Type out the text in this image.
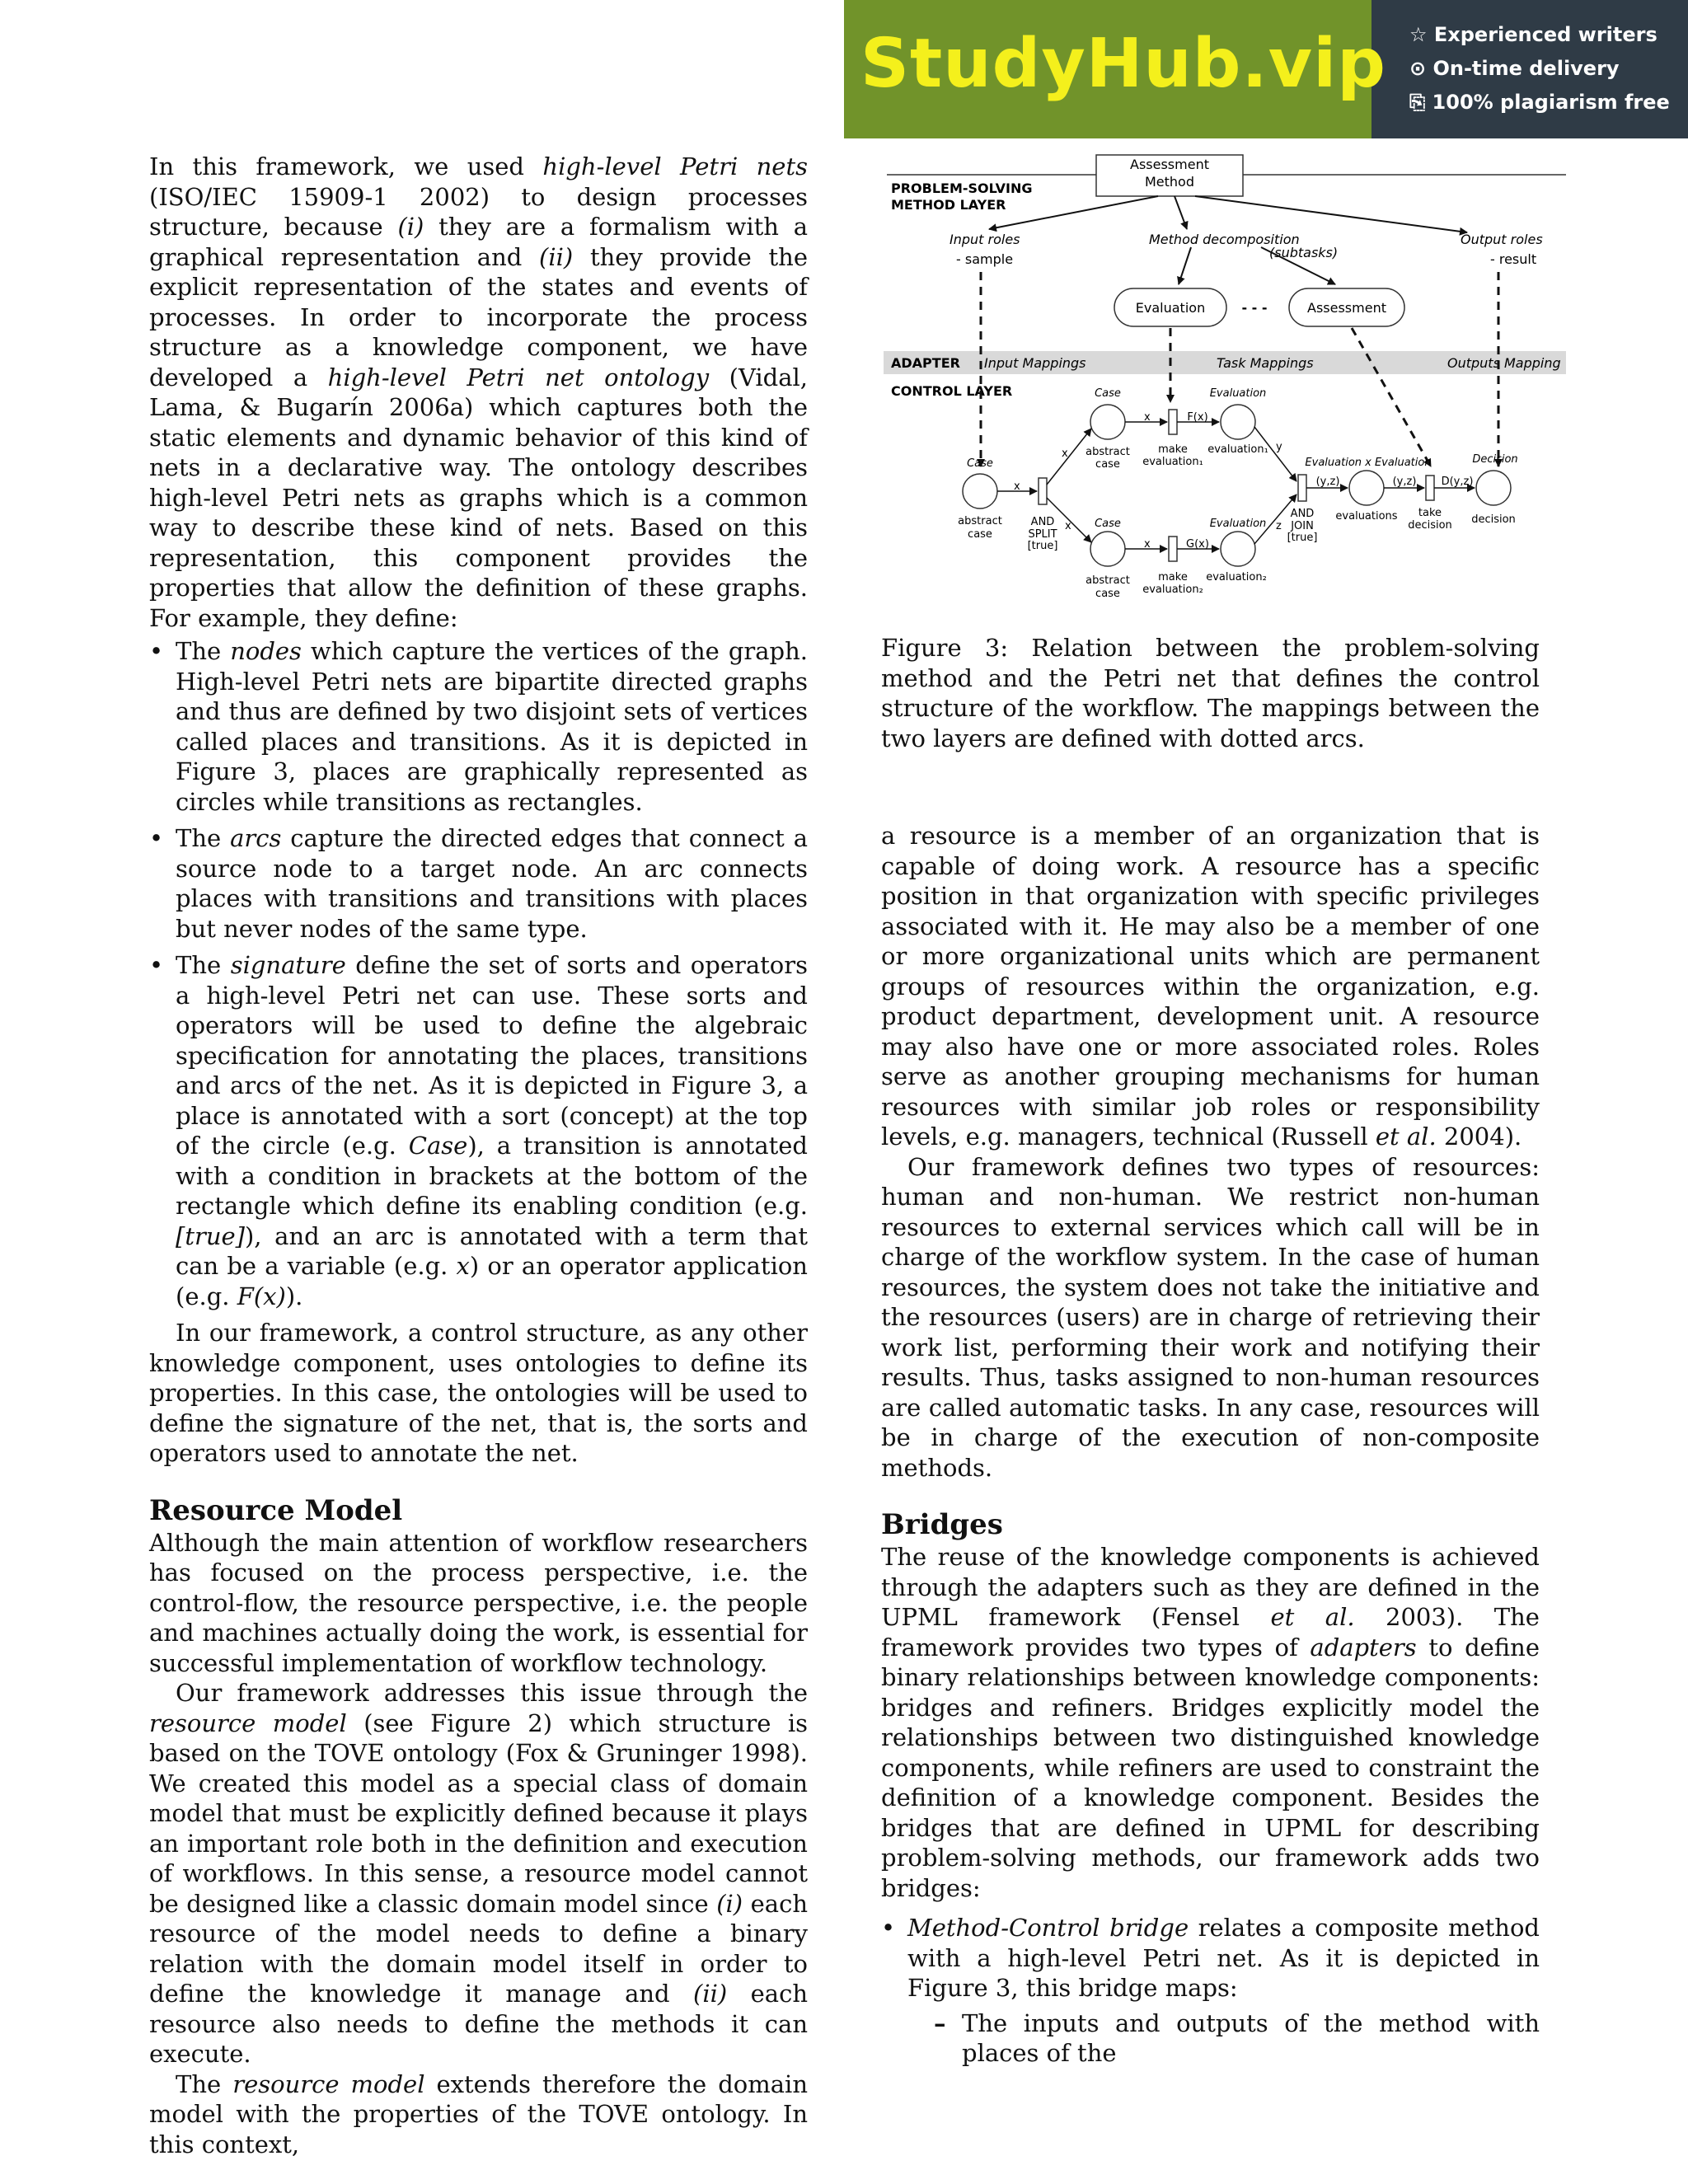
StudyHub.vip ☆ Experienced writers
⊙ On-time delivery
⎘ 100% plagiarism free

In this framework, we used high-level Petri nets (ISO/IEC 15909-1 2002) to design processes structure, because (i) they are a formalism with a graphical representation and (ii) they provide the explicit representation of the states and events of processes. In order to incorporate the process structure as a knowledge component, we have developed a high-level Petri net ontology (Vidal, Lama, & Bugarín 2006a) which captures both the static elements and dynamic behavior of this kind of nets in a declarative way. The ontology describes high-level Petri nets as graphs which is a common way to describe these kind of nets. Based on this representation, this component provides the properties that allow the definition of these graphs. For example, they define:

• The nodes which capture the vertices of the graph. High-level Petri nets are bipartite directed graphs and thus are defined by two disjoint sets of vertices called places and transitions. As it is depicted in Figure 3, places are graphically represented as circles while transitions as rectangles.
• The arcs capture the directed edges that connect a source node to a target node. An arc connects places with transitions and transitions with places but never nodes of the same type.
• The signature define the set of sorts and operators a high-level Petri net can use. These sorts and operators will be used to define the algebraic specification for annotating the places, transitions and arcs of the net. As it is depicted in Figure 3, a place is annotated with a sort (concept) at the top of the circle (e.g. Case), a transition is annotated with a condition in brackets at the bottom of the rectangle which define its enabling condition (e.g. [true]), and an arc is annotated with a term that can be a variable (e.g. x) or an operator application (e.g. F(x)).

In our framework, a control structure, as any other knowledge component, uses ontologies to define its properties. In this case, the ontologies will be used to define the signature of the net, that is, the sorts and operators used to annotate the net.

Resource Model

Although the main attention of workflow researchers has focused on the process perspective, i.e. the control-flow, the resource perspective, i.e. the people and machines actually doing the work, is essential for successful implementation of workflow technology.

Our framework addresses this issue through the resource model (see Figure 2) which structure is based on the TOVE ontology (Fox & Gruninger 1998). We created this model as a special class of domain model that must be explicitly defined because it plays an important role both in the definition and execution of workflows. In this sense, a resource model cannot be designed like a classic domain model since (i) each resource of the model needs to define a binary relation with the domain model itself in order to define the knowledge it manage and (ii) each resource also needs to define the methods it can execute.

The resource model extends therefore the domain model with the properties of the TOVE ontology. In this context,

Assessment
Method
PROBLEM-SOLVING
METHOD LAYER
Input roles
- sample
Method decomposition
(subtasks)
Output roles
- result
Evaluation	- - -	Assessment
ADAPTER Input Mappings	Task Mappings	Outputs Mapping
CONTROL LAYER
Case
abstract
case
x
AND
SPLIT
[true]
x
x
Case
abstract
case
x	F(x)
make
evaluation₁
Evaluation
evaluation₁ y
Case
abstract
case
x	G(x)
make
evaluation₂
Evaluation
evaluation₂
z
AND
JOIN
[true]
Evaluation x Evaluation
(y,z)
evaluations
(y,z)
take
decision
D(y,z)
Decision
decision
Figure 3: Relation between the problem-solving method and the Petri net that defines the control structure of the workflow. The mappings between the two layers are defined with dotted arcs.

a resource is a member of an organization that is capable of doing work. A resource has a specific position in that organization with specific privileges associated with it. He may also be a member of one or more organizational units which are permanent groups of resources within the organization, e.g. product department, development unit. A resource may also have one or more associated roles. Roles serve as another grouping mechanisms for human resources with similar job roles or responsibility levels, e.g. managers, technical (Russell et al. 2004).

Our framework defines two types of resources: human and non-human. We restrict non-human resources to external services which call will be in charge of the workflow system. In the case of human resources, the system does not take the initiative and the resources (users) are in charge of retrieving their work list, performing their work and notifying their results. Thus, tasks assigned to non-human resources are called automatic tasks. In any case, resources will be in charge of the execution of non-composite methods.

Bridges

The reuse of the knowledge components is achieved through the adapters such as they are defined in the UPML framework (Fensel et al. 2003). The framework provides two types of adapters to define binary relationships between knowledge components: bridges and refiners. Bridges explicitly model the relationships between two distinguished knowledge components, while refiners are used to constraint the definition of a knowledge component. Besides the bridges that are defined in UPML for describing problem-solving methods, our framework adds two bridges:

• Method-Control bridge relates a composite method with a high-level Petri net. As it is depicted in Figure 3, this bridge maps:
– The inputs and outputs of the method with places of the
